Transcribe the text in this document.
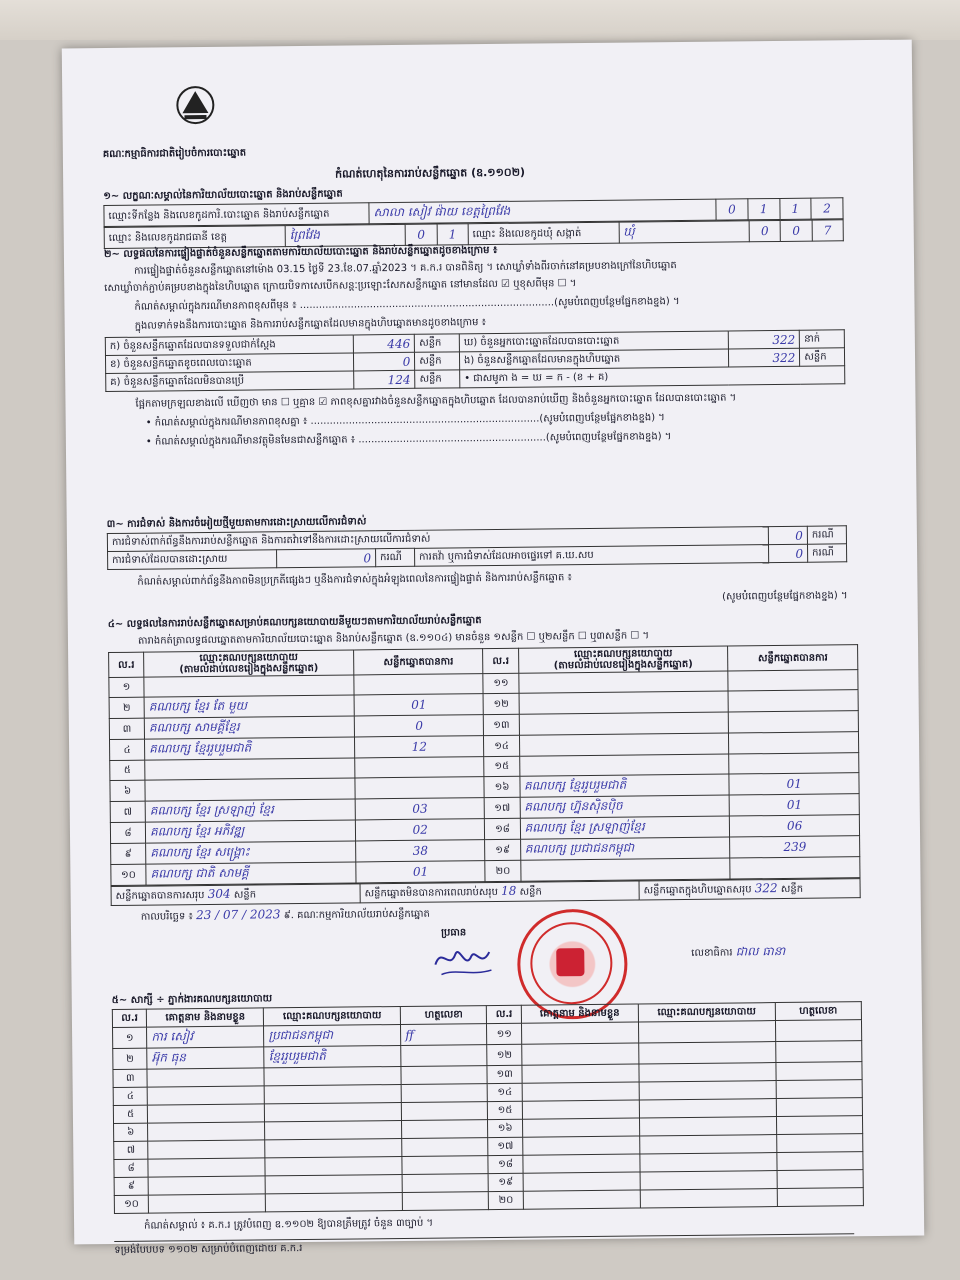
គណៈកម្មាធិការជាតិរៀបចំការបោះឆ្នោត
កំណត់ហេតុនៃការរាប់សន្លឹកឆ្នោត (ឧ.១១០២)
១~ លក្ខណៈសម្គាល់នៃការិយាល័យបោះឆ្នោត និងរាប់សន្លឹកឆ្នោត
ឈ្មោះទីកន្លែង និងលេខកូដការិ.បោះឆ្នោត និងរាប់សន្លឹកឆ្នោត	សាលា សៀវ ផ៉ាយ ខេត្តព្រៃវែង	0	1	1	2
ឈ្មោះ និងលេខកូដរាជធានី ខេត្ត	ព្រៃវែង	0	1	ឈ្មោះ និងលេខកូដឃុំ សង្កាត់	ឃុំ	0	0	7
២~ លទ្ធផលនៃការផ្ទៀងផ្ទាត់ចំនួនសន្លឹកឆ្នោតតាមការិយាល័យបោះឆ្នោត និងរាប់សន្លឹកឆ្នោតដូចខាងក្រោម ៖
ការផ្ទៀងផ្ទាត់ចំនួនសន្លឹកឆ្នោតនៅម៉ោង 03.15 ថ្ងៃទី 23.ខែ.07.ឆ្នាំ2023 ។ គ.ក.រ បានពិនិត្យ ។ សោឃ្លាំទាំងពីរចាក់នៅគម្របខាងក្រៅនៃហិបឆ្នោត
សោឃ្លាំចាក់ភ្ជាប់គម្របខាងក្នុងនៃហិបឆ្នោត ក្រោយបិទកាសេបើកសន្តៈប្រឡោះសែកសន្លឹកឆ្នោត នៅមានដែល ☑ ឬខុសពីមុន ☐ ។
កំណត់សម្គាល់ក្នុងករណីមានភាពខុសពីមុន ៖ ................................................................................(សូមបំពេញបន្ថែមផ្នែកខាងខ្នង) ។
ក្នុងលទាក់ទងនឹងការបោះឆ្នោត និងការរាប់សន្លឹកឆ្នោតដែលមានក្នុងហិបឆ្នោតមានដូចខាងក្រោម ៖
ក) ចំនួនសន្លឹកឆ្នោតដែលបានទទួលជាក់ស្តែង	446	សន្លឹក	ឃ) ចំនួនអ្នកបោះឆ្នោតដែលបានបោះឆ្នោត	322	នាក់
ខ) ចំនួនសន្លឹកឆ្នោតខូចពេលបោះឆ្នោត	0	សន្លឹក	ង) ចំនួនសន្លឹកឆ្នោតដែលមានក្នុងហិបឆ្នោត	322	សន្លឹក
គ) ចំនួនសន្លឹកឆ្នោតដែលមិនបានប្រើ	124	សន្លឹក	• ជាសមូភា ង = ឃ = ក - (ខ + គ)		
ផ្អែកតាមក្រឡលខាងលើ ឃើញថា មាន ☐ ឬគ្មាន ☑ ភាពខុសគ្នារវាងចំនួនសន្លឹកឆ្នោតក្នុងហិបឆ្នោត ដែលបានរាប់ឃើញ និងចំនួនអ្នកបោះឆ្នោត ដែលបានបោះឆ្នោត ។
• កំណត់សម្គាល់ក្នុងករណីមានភាពខុសគ្នា ៖ ........................................................................(សូមបំពេញបន្ថែមផ្នែកខាងខ្នង) ។
• កំណត់សម្គាល់ក្នុងករណីមានវត្ថុមិនមែនជាសន្លឹកឆ្នោត ៖ ...........................................................(សូមបំពេញបន្ថែមផ្នែកខាងខ្នង) ។
៣~ ការជំទាស់ និងការចំអៀយថ្មីមួយតាមការដោះស្រាយលើការជំទាស់
ការជំទាស់ពាក់ព័ន្ធនឹងការរាប់សន្លឹកឆ្នោត និងការតវ៉ាទៅនឹងការដោះស្រាយលើការជំទាស់				0	ករណី
ការជំទាស់ដែលបានដោះស្រាយ	0	ករណី	ការតវ៉ា ឬការជំទាស់ដែលអាចផ្ទេរទៅ គ.ឃ.សប	0	ករណី
កំណត់សម្គាល់ពាក់ព័ន្ធនឹងភាពមិនប្រក្រតីផ្សេងៗ ឬនឹងការជំទាស់ក្នុងអំឡុងពេលនៃការផ្ទៀងផ្ទាត់ និងការរាប់សន្លឹកឆ្នោត ៖
(សូមបំពេញបន្ថែមផ្នែកខាងខ្នង) ។
៤~ លទ្ធផលនៃការរាប់សន្លឹកឆ្នោតសម្រាប់គណបក្សនយោបាយនីមួយៗតាមការិយាល័យរាប់សន្លឹកឆ្នោត
តារាងកត់ត្រាលទ្ធផលឆ្នោតតាមការិយាល័យបោះឆ្នោត និងរាប់សន្លឹកឆ្នោត (ឧ.១១០៤) មានចំនួន ១សន្លឹក ☐ ឬ២សន្លឹក ☐ ឬ៣សន្លឹក ☐ ។
ល.រ	ឈ្មោះគណបក្សនយោបាយ
(តាមលំដាប់លេខរៀងក្នុងសន្លឹកឆ្នោត)	សន្លឹកឆ្នោតបានការ	ល.រ	ឈ្មោះគណបក្សនយោបាយ
(តាមលំដាប់លេខរៀងក្នុងសន្លឹកឆ្នោត)	សន្លឹកឆ្នោតបានការ
១			១១		
២	គណបក្ស ខ្មែរ តែ មួយ	01	១២		
៣	គណបក្ស សាមគ្គីខ្មែរ	0	១៣		
៤	គណបក្ស ខ្មែររួបរួមជាតិ	12	១៤		
៥			១៥		
៦			១៦	គណបក្ស ខ្មែររួបរួមជាតិ	01
៧	គណបក្ស ខ្មែរ ស្រឡាញ់ ខ្មែរ	03	១៧	គណបក្ស ហ្វ៊ុនស៊ិនប៉ិច	01
៨	គណបក្ស ខ្មែរ អភិវឌ្ឍ	02	១៨	គណបក្ស ខ្មែរ ស្រឡាញ់ខ្មែរ	06
៩	គណបក្ស ខ្មែរ សង្គ្រោះ	38	១៩	គណបក្ស ប្រជាជនកម្ពុជា	239
១០	គណបក្ស ជាតិ សាមគ្គី	01	២០		
សន្លឹកឆ្នោតបានការសរុប 304 សន្លឹក	សន្លឹកឆ្នោតមិនបានការពេលរាប់សរុប 18 សន្លឹក	សន្លឹកឆ្នោតក្នុងហិបឆ្នោតសរុប 322 សន្លឹក
កាលបរិច្ឆេទ ៖ 23 / 07 / 2023 ៩. គណៈកម្មការិយាល័យរាប់សន្លឹកឆ្នោត
ប្រធាន
លេខាធិការ ជាល ធានា
៥~ សាក្សី ÷ ភ្នាក់ងារគណបក្សនយោបាយ
ល.រ	គោត្តនាម និងនាមខ្លួន	ឈ្មោះគណបក្សនយោបាយ	ហត្ថលេខា	ល.រ	គោត្តនាម និងនាមខ្លួន	ឈ្មោះគណបក្សនយោបាយ	ហត្ថលេខា
១	ការ សៀវ	ប្រជាជនកម្ពុជា	ff	១១			
២	អ៊ុក ធុន	ខ្មែររួបរួមជាតិ		១២			
៣				១៣			
៤				១៤			
៥				១៥			
៦				១៦			
៧				១៧			
៨				១៨			
៩				១៩			
១០				២០			
កំណត់សម្គាល់ ៖ គ.ក.រ ត្រូវបំពេញ ឧ.១១០២ ឱ្យបានត្រឹមត្រូវ ចំនួន ៣ច្បាប់ ។
ទម្រង់បែបបទ ១១០២ សម្រាប់បំពេញដោយ គ.ក.រ
